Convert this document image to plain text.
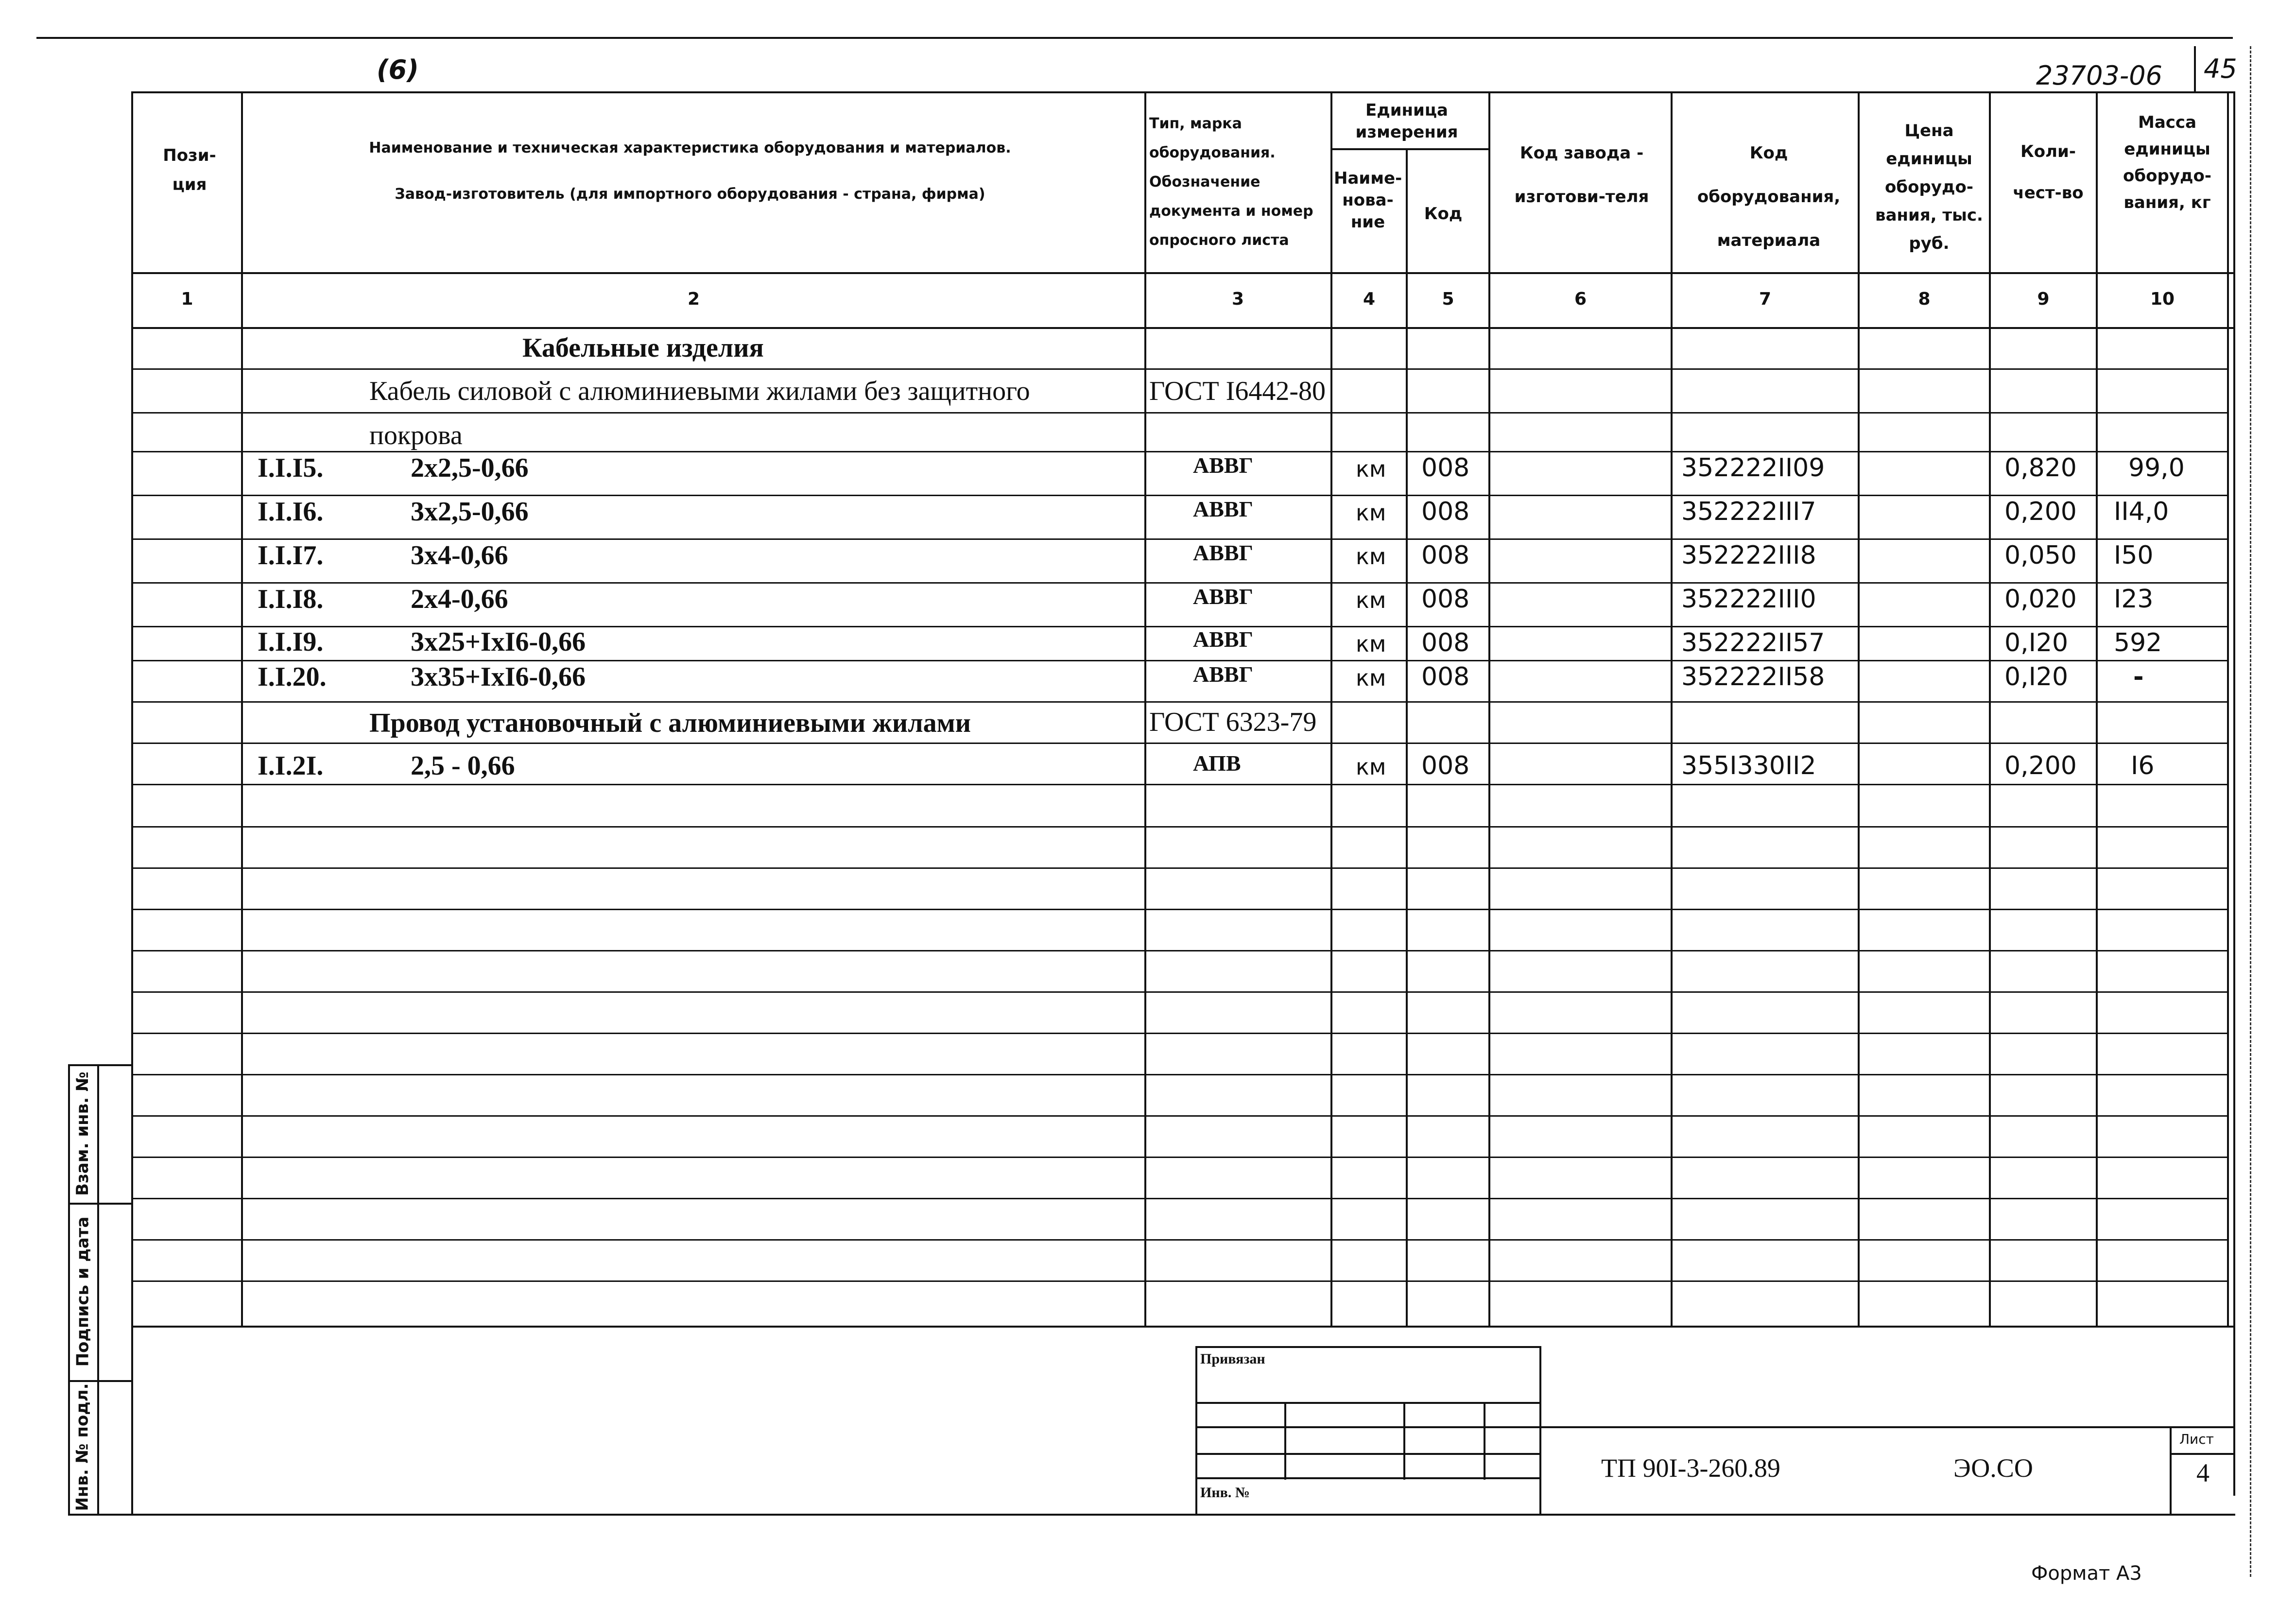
(6)	23703-06 45
Пози-ция
Наименование и техническая характеристика оборудования и материалов.
Завод-изготовитель (для импортного оборудования - страна, фирма)
Тип, марка оборудования. Обозначение документа и номер опросного листа
Единица измерения
Наиме-нова-ние	Код
Код завода - изготови-теля
Код оборудования, материала
Цена единицы оборудо-вания, тыс. руб.
Коли-чест-во
Масса единицы оборудо-вания, кг
1	2	3	4	5	6	7	8	9	10
Кабельные изделия
Кабель силовой с алюминиевыми жилами без защитного	ГОСТ I6442-80
покрова
I.I.I5.	2x2,5-0,66	АВВГ	км 008	352222II09	0,820 99,0
I.I.I6.	3x2,5-0,66	АВВГ	км 008	352222III7	0,200 II4,0
I.I.I7.	3x4-0,66	АВВГ	км 008	352222III8	0,050 I50
I.I.I8.	2x4-0,66	АВВГ	км 008	352222III0	0,020 I23
I.I.I9.	3x25+IxI6-0,66	АВВГ	км 008	352222II57	0,I20 592
I.I.20.	3x35+IxI6-0,66	АВВГ	км 008	352222II58	0,I20	-
Провод установочный с алюминиевыми жилами	ГОСТ 6323-79
I.I.2I.	2,5 - 0,66	АПВ	км 008	355I330II2	0,200 I6
Взам. инв. №
Подпись и дата
Инв. № подл.
Привязан
Инв. №
ТП 90I-3-260.89	ЭО.СО
Лист
4
Формат А3
